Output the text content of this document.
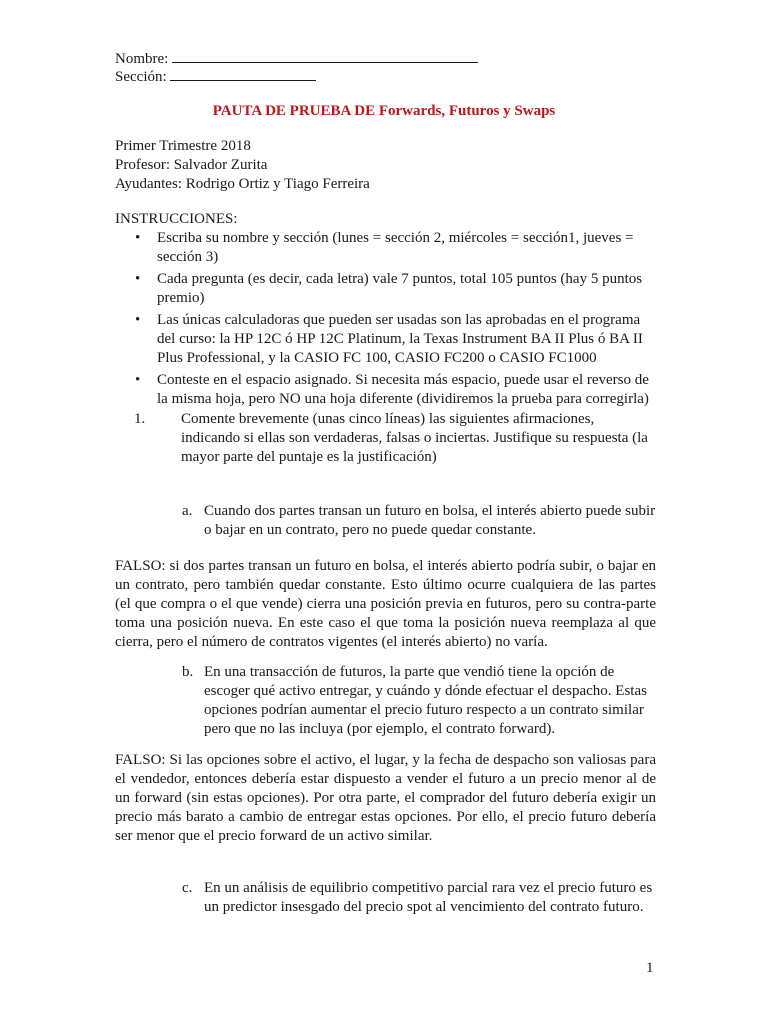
Nombre:
Sección:
PAUTA DE PRUEBA DE Forwards, Futuros y Swaps
Primer Trimestre 2018
Profesor: Salvador Zurita
Ayudantes: Rodrigo Ortiz y Tiago Ferreira
INSTRUCCIONES:
• Escriba su nombre y sección (lunes = sección 2, miércoles = sección1, jueves = sección 3)
• Cada pregunta (es decir, cada letra) vale 7 puntos, total 105 puntos (hay 5 puntos premio)
• Las únicas calculadoras que pueden ser usadas son las aprobadas en el programa del curso: la HP 12C ó HP 12C Platinum, la Texas Instrument BA II Plus ó BA II Plus Professional, y la CASIO FC 100, CASIO FC200 o CASIO FC1000
• Conteste en el espacio asignado. Si necesita más espacio, puede usar el reverso de la misma hoja, pero NO una hoja diferente (dividiremos la prueba para corregirla)
1. Comente brevemente (unas cinco líneas) las siguientes afirmaciones, indicando si ellas son verdaderas, falsas o inciertas. Justifique su respuesta (la mayor parte del puntaje es la justificación)
a. Cuando dos partes transan un futuro en bolsa, el interés abierto puede subir o bajar en un contrato, pero no puede quedar constante.
FALSO: si dos partes transan un futuro en bolsa, el interés abierto podría subir, o bajar en un contrato, pero también quedar constante. Esto último ocurre cualquiera de las partes (el que compra o el que vende) cierra una posición previa en futuros, pero su contra-parte toma una posición nueva. En este caso el que toma la posición nueva reemplaza al que cierra, pero el número de contratos vigentes (el interés abierto) no varía.
b. En una transacción de futuros, la parte que vendió tiene la opción de escoger qué activo entregar, y cuándo y dónde efectuar el despacho. Estas opciones podrían aumentar el precio futuro respecto a un contrato similar pero que no las incluya (por ejemplo, el contrato forward).
FALSO: Si las opciones sobre el activo, el lugar, y la fecha de despacho son valiosas para el vendedor, entonces debería estar dispuesto a vender el futuro a un precio menor al de un forward (sin estas opciones). Por otra parte, el comprador del futuro debería exigir un precio más barato a cambio de entregar estas opciones. Por ello, el precio futuro debería ser menor que el precio forward de un activo similar.
c. En un análisis de equilibrio competitivo parcial rara vez el precio futuro es un predictor insesgado del precio spot al vencimiento del contrato futuro.
1
